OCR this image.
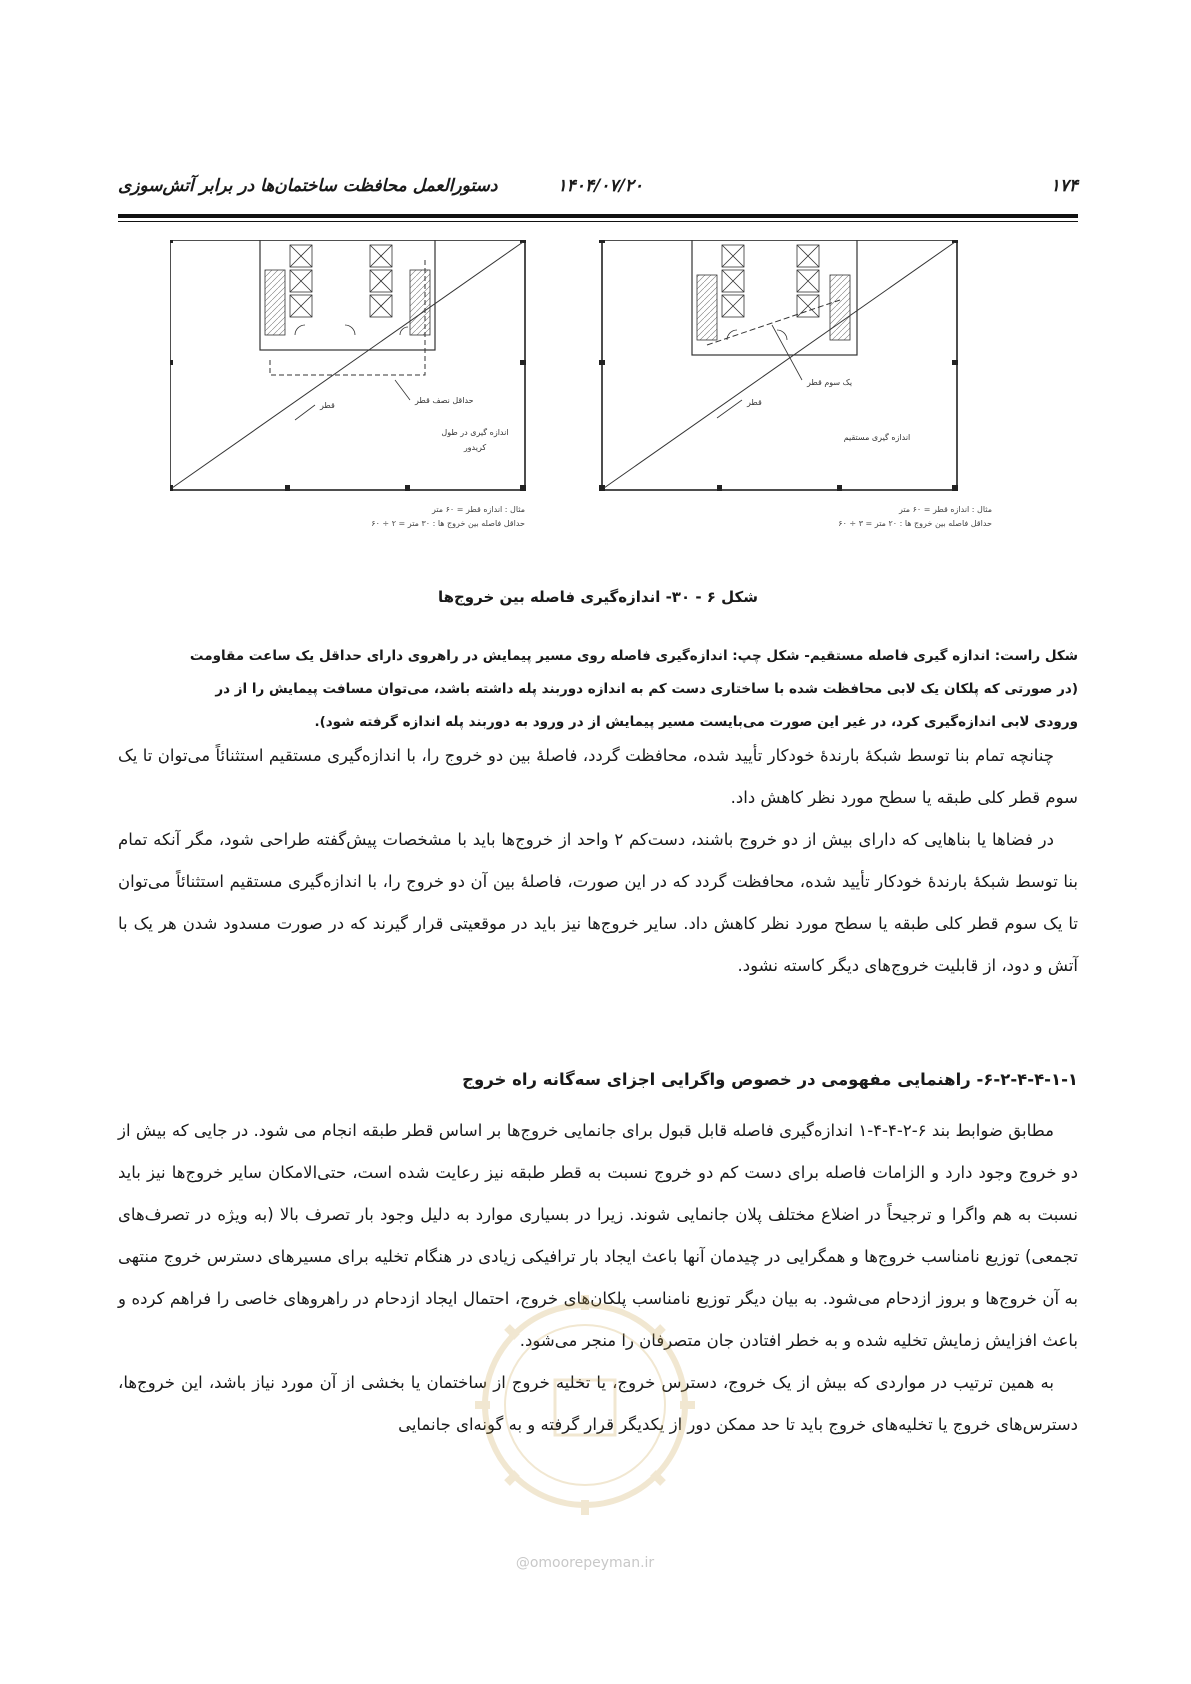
۱۷۴
۱۴۰۴/۰۷/۲۰
دستورالعمل محافظت ساختمان‌ها در برابر آتش‌سوزی
قطر
حداقل نصف قطر
اندازه گیری در طول
کریدور
مثال : اندازه قطر = ۶۰ متر
حداقل فاصله بین خروج ها : ۳۰ متر = ۲ ÷ ۶۰
یک سوم قطر
قطر
اندازه گیری مستقیم
مثال : اندازه قطر = ۶۰ متر
حداقل فاصله بین خروج ها : ۲۰ متر = ۳ ÷ ۶۰
شکل ۶ - ۳۰- اندازه‌گیری فاصله بین خروج‌ها

شکل راست: اندازه گیری فاصله مستقیم- شکل چپ: اندازه‌گیری فاصله روی مسیر پیمایش در راهروی دارای حداقل یک ساعت مقاومت

(در صورتی که پلکان یک لابی محافظت شده با ساختاری دست کم به اندازه دوربند پله داشته باشد، می‌توان مسافت پیمایش را از در

ورودی لابی اندازه‌گیری کرد، در غیر این صورت می‌بایست مسیر پیمایش از در ورود به دوربند پله اندازه گرفته شود).

چنانچه تمام بنا توسط شبکهٔ بارندهٔ خودکار تأیید شده، محافظت گردد، فاصلهٔ بین دو خروج را، با اندازه‌گیری مستقیم استثنائاً می‌توان تا یک سوم قطر کلی طبقه یا سطح مورد نظر کاهش داد.

در فضاها یا بناهایی که دارای بیش از دو خروج باشند، دست‌کم ۲ واحد از خروج‌ها باید با مشخصات پیش‌گفته طراحی شود، مگر آنکه تمام بنا توسط شبکهٔ بارندهٔ خودکار تأیید شده، محافظت گردد که در این صورت، فاصلهٔ بین آن دو خروج را، با اندازه‌گیری مستقیم استثنائاً می‌توان تا یک سوم قطر کلی طبقه یا سطح مورد نظر کاهش داد. سایر خروج‌ها نیز باید در موقعیتی قرار گیرند که در صورت مسدود شدن هر یک با آتش و دود، از قابلیت خروج‌های دیگر کاسته نشود.

۶-۲-۴-۴-۱-۱- راهنمایی مفهومی در خصوص واگرایی اجزای سه‌گانه راه خروج

مطابق ضوابط بند ۶-۲-۴-۴-۱ اندازه‌گیری فاصله قابل قبول برای جانمایی خروج‌ها بر اساس قطر طبقه انجام می شود. در جایی که بیش از دو خروج وجود دارد و الزامات فاصله برای دست کم دو خروج نسبت به قطر طبقه نیز رعایت شده است، حتی‌الامکان سایر خروج‌ها نیز باید نسبت به هم واگرا و ترجیحاً در اضلاع مختلف پلان جانمایی شوند. زیرا در بسیاری موارد به دلیل وجود بار تصرف بالا (به ویژه در تصرف‌های تجمعی) توزیع نامناسب خروج‌ها و همگرایی در چیدمان آنها باعث ایجاد بار ترافیکی زیادی در هنگام تخلیه برای مسیرهای دسترس خروج منتهی به آن خروج‌ها و بروز ازدحام می‌شود. به بیان دیگر توزیع نامناسب پلکان‌های خروج، احتمال ایجاد ازدحام در راهروهای خاصی را فراهم کرده و باعث افزایش زمایش تخلیه شده و به خطر افتادن جان متصرفان را منجر می‌شود.

به همین ترتیب در مواردی که بیش از یک خروج، دسترس خروج، یا تخلیه خروج از ساختمان یا بخشی از آن مورد نیاز باشد، این خروج‌ها، دسترس‌های خروج یا تخلیه‌های خروج باید تا حد ممکن دور از یکدیگر قرار گرفته و به گونه‌ای جانمایی

@omoorepeyman.ir
